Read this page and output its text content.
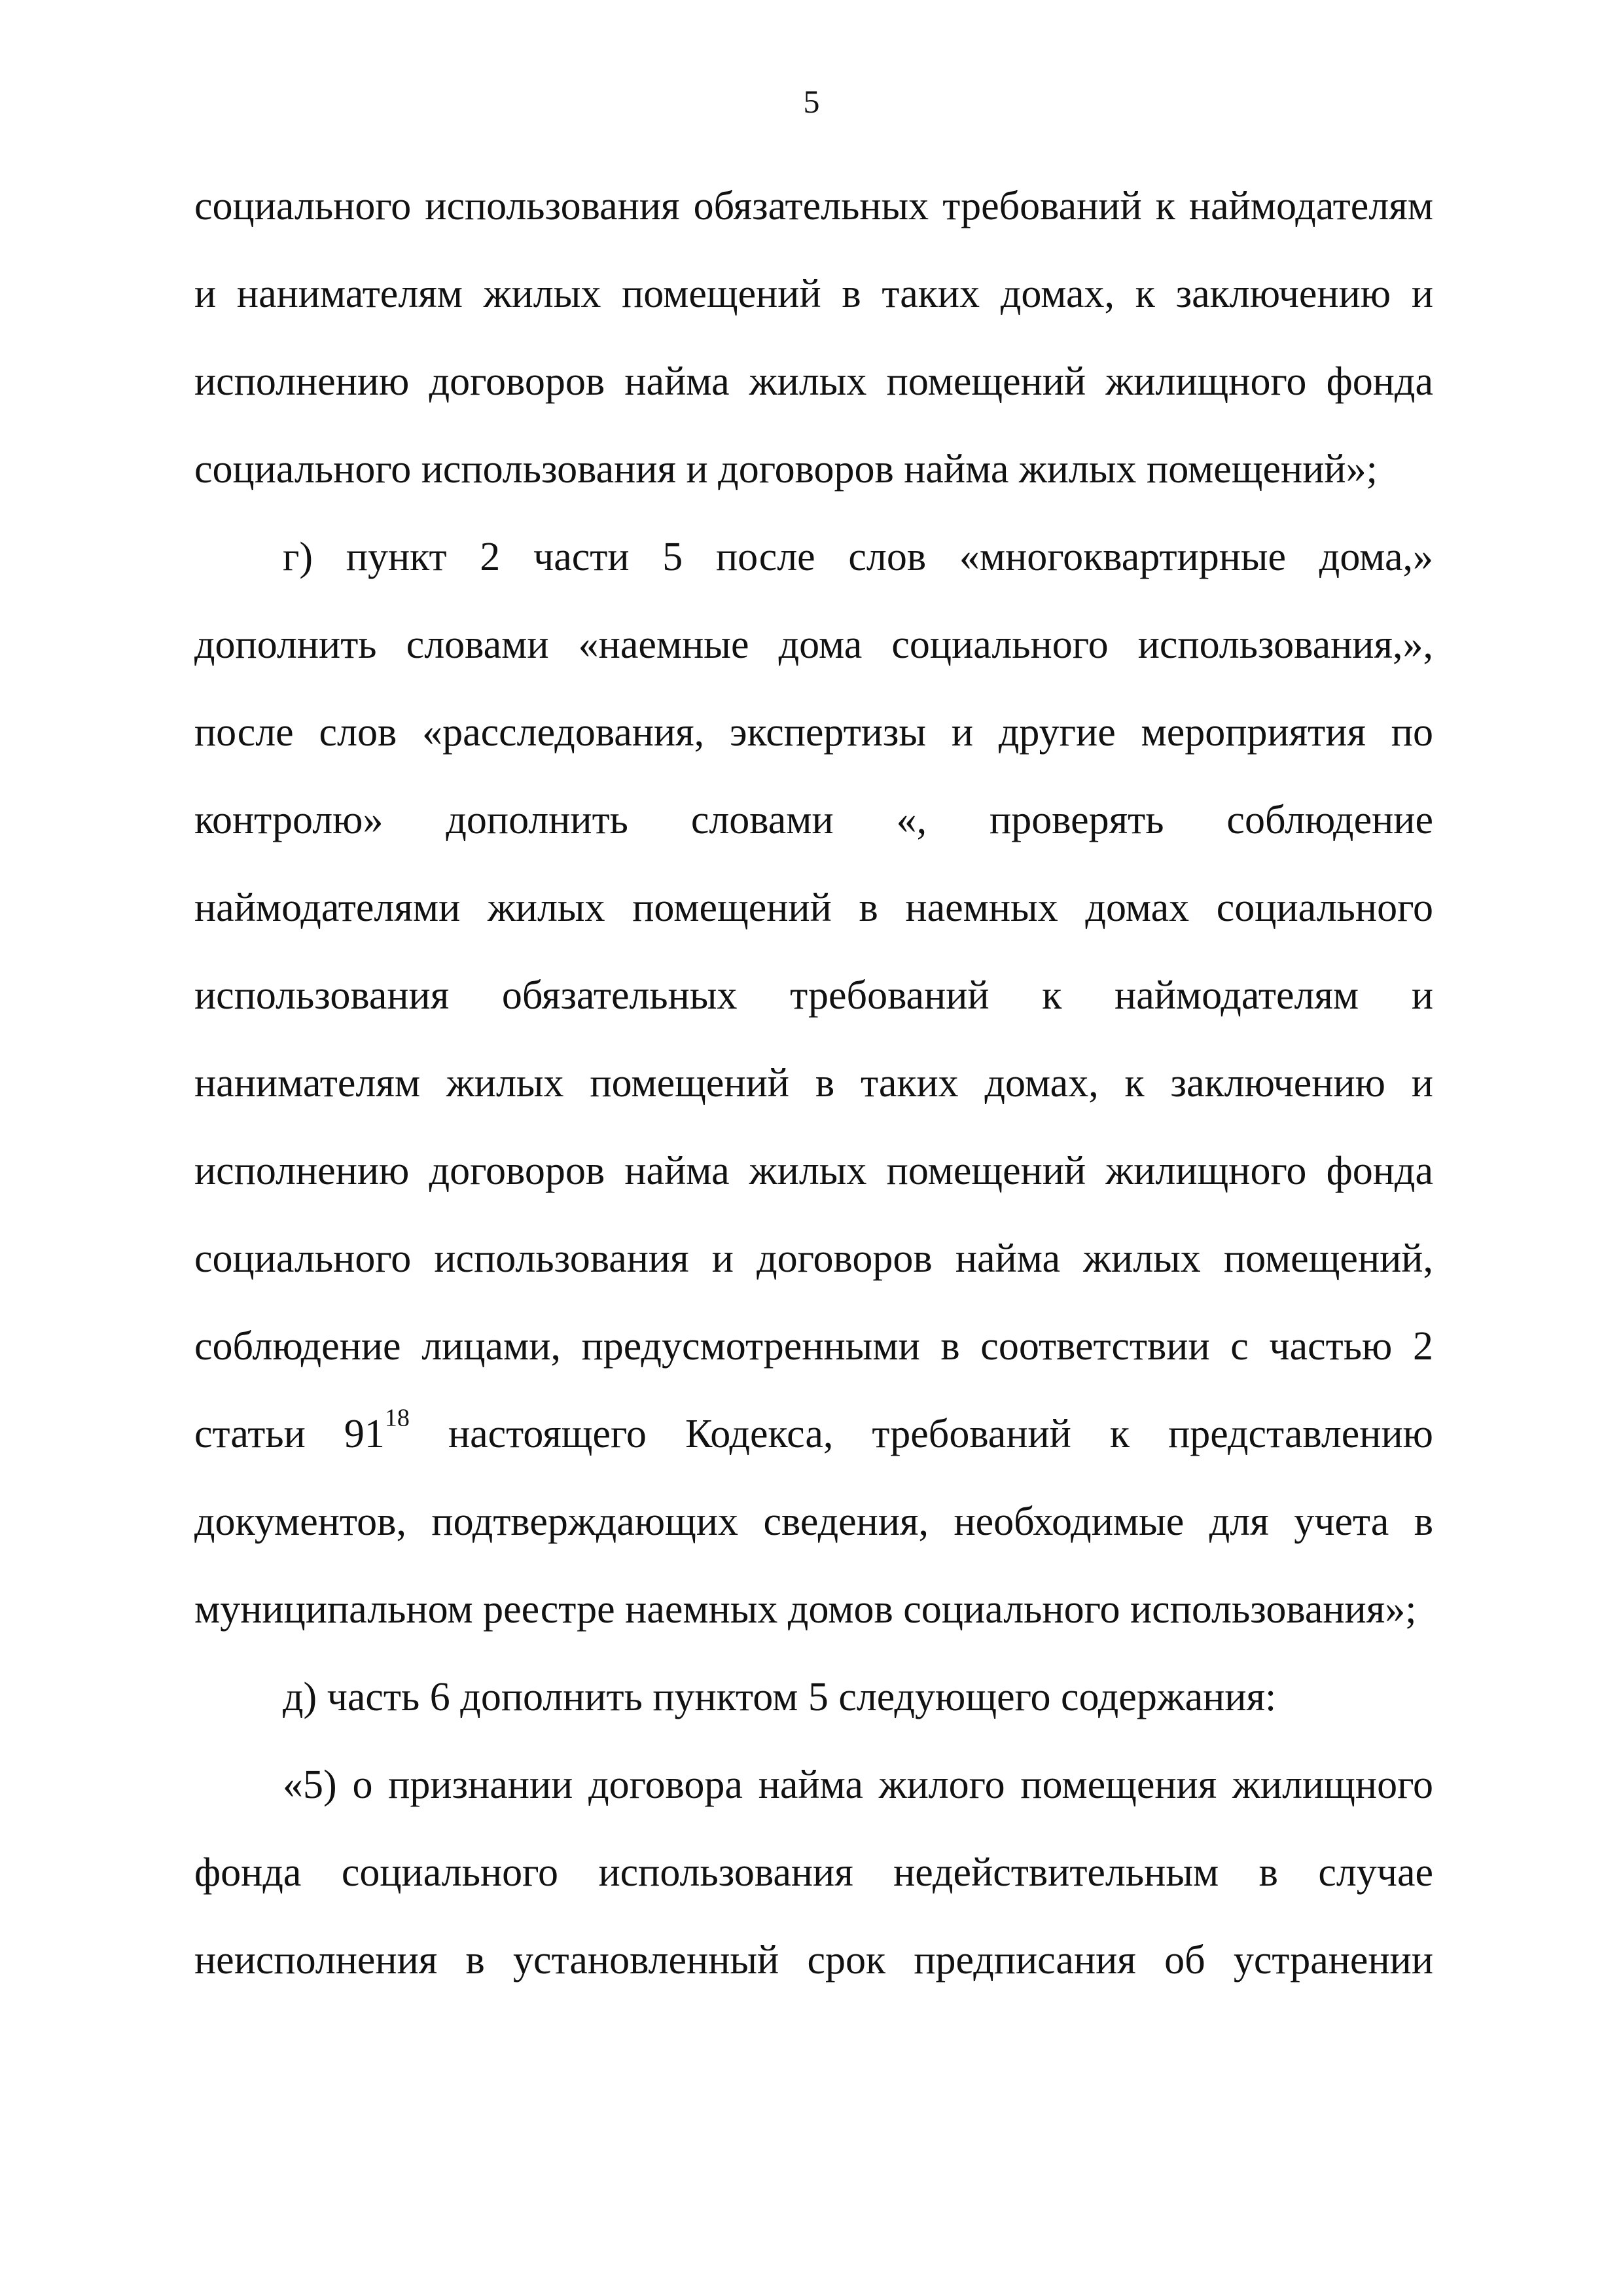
5

социального использования обязательных требований к наймодателям и нанимателям жилых помещений в таких домах, к заключению и исполнению договоров найма жилых помещений жилищного фонда социального использования и договоров найма жилых помещений»;

г) пункт 2 части 5 после слов «многоквартирные дома,» дополнить словами «наемные дома социального использования,», после слов «расследования, экспертизы и другие мероприятия по контролю» дополнить словами «, проверять соблюдение наймодателями жилых помещений в наемных домах социального использования обязательных требований к наймодателям и нанимателям жилых помещений в таких домах, к заключению и исполнению договоров найма жилых помещений жилищного фонда социального использования и договоров найма жилых помещений, соблюдение лицами, предусмотренными в соответствии с частью 2 статьи $91^{18}$ настоящего Кодекса, требований к представлению документов, подтверждающих сведения, необходимые для учета в муниципальном реестре наемных домов социального использования»;

д) часть 6 дополнить пунктом 5 следующего содержания:

«5) о признании договора найма жилого помещения жилищного фонда социального использования недействительным в случае неисполнения в установленный срок предписания об устранении
